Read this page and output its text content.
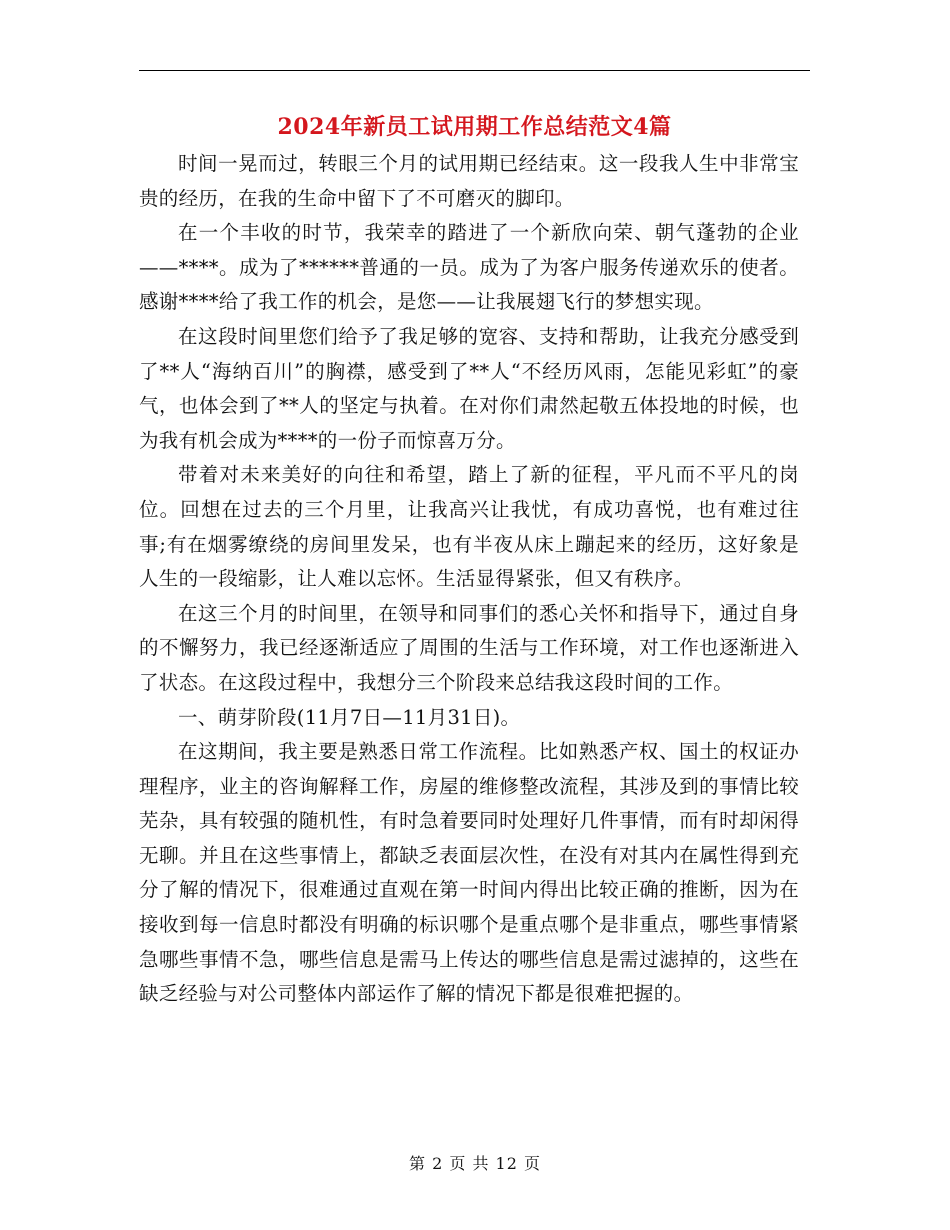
2024年新员工试用期工作总结范文4篇

时间一晃而过，转眼三个月的试用期已经结束。这一段我人生中非常宝贵的经历，在我的生命中留下了不可磨灭的脚印。

在一个丰收的时节，我荣幸的踏进了一个新欣向荣、朝气蓬勃的企业——****。成为了******普通的一员。成为了为客户服务传递欢乐的使者。感谢****给了我工作的机会，是您——让我展翅飞行的梦想实现。

在这段时间里您们给予了我足够的宽容、支持和帮助，让我充分感受到了**人“海纳百川”的胸襟，感受到了**人“不经历风雨，怎能见彩虹”的豪气，也体会到了**人的坚定与执着。在对你们肃然起敬五体投地的时候，也为我有机会成为****的一份子而惊喜万分。

带着对未来美好的向往和希望，踏上了新的征程，平凡而不平凡的岗位。回想在过去的三个月里，让我高兴让我忧，有成功喜悦，也有难过往事;有在烟雾缭绕的房间里发呆，也有半夜从床上蹦起来的经历，这好象是人生的一段缩影，让人难以忘怀。生活显得紧张，但又有秩序。

在这三个月的时间里，在领导和同事们的悉心关怀和指导下，通过自身的不懈努力，我已经逐渐适应了周围的生活与工作环境，对工作也逐渐进入了状态。在这段过程中，我想分三个阶段来总结我这段时间的工作。

一、萌芽阶段(11月7日—11月31日)。

在这期间，我主要是熟悉日常工作流程。比如熟悉产权、国土的权证办理程序，业主的咨询解释工作，房屋的维修整改流程，其涉及到的事情比较芜杂，具有较强的随机性，有时急着要同时处理好几件事情，而有时却闲得无聊。并且在这些事情上，都缺乏表面层次性，在没有对其内在属性得到充分了解的情况下，很难通过直观在第一时间内得出比较正确的推断，因为在接收到每一信息时都没有明确的标识哪个是重点哪个是非重点，哪些事情紧急哪些事情不急，哪些信息是需马上传达的哪些信息是需过滤掉的，这些在缺乏经验与对公司整体内部运作了解的情况下都是很难把握的。

第 2 页 共 12 页
